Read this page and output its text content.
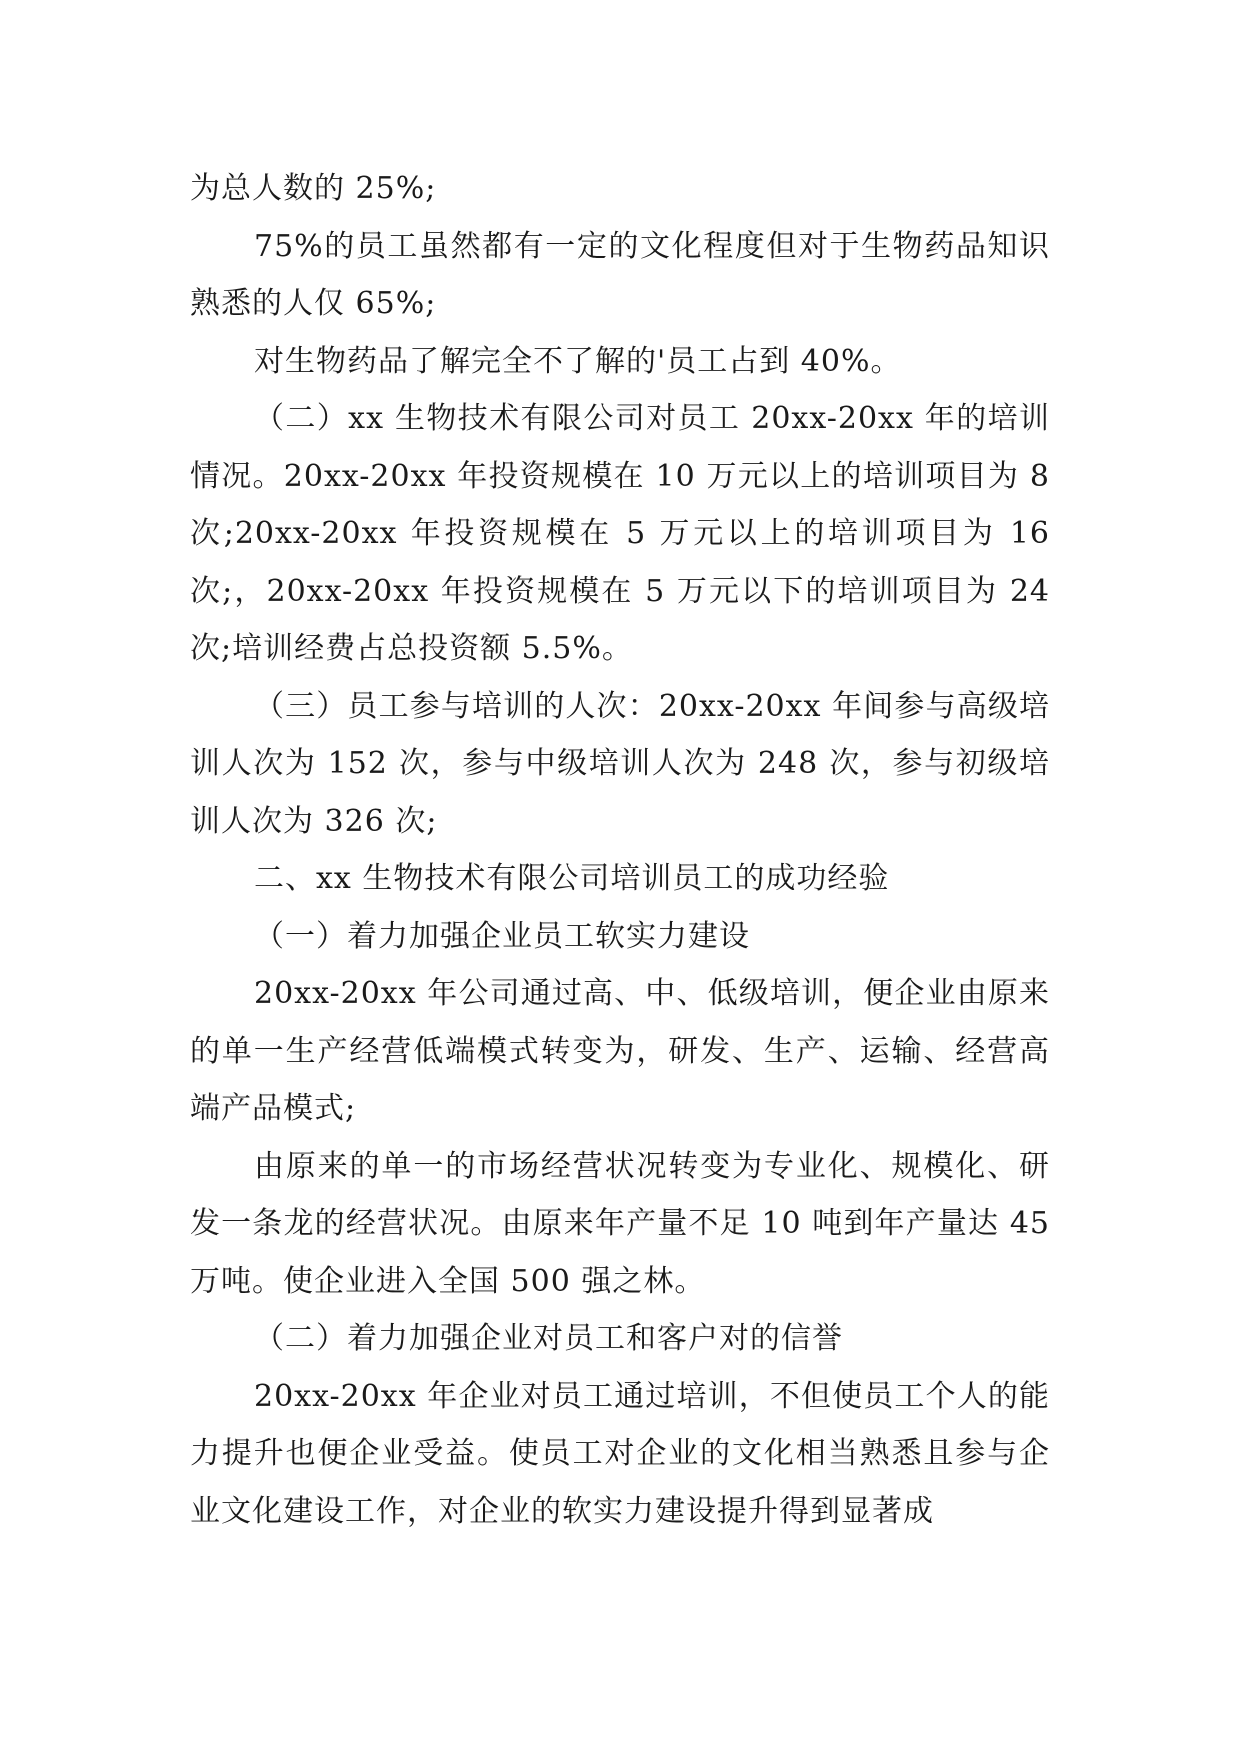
为总人数的 25%;

75%的员工虽然都有一定的文化程度但对于生物药品知识熟悉的人仅 65%;

对生物药品了解完全不了解的'员工占到 40%。

（二）xx 生物技术有限公司对员工 20xx-20xx 年的培训情况。20xx-20xx 年投资规模在 10 万元以上的培训项目为 8 次;20xx-20xx 年投资规模在 5 万元以上的培训项目为 16 次;，20xx-20xx 年投资规模在 5 万元以下的培训项目为 24 次;培训经费占总投资额 5.5%。

（三）员工参与培训的人次：20xx-20xx 年间参与高级培训人次为 152 次，参与中级培训人次为 248 次，参与初级培训人次为 326 次;

二、xx 生物技术有限公司培训员工的成功经验

（一）着力加强企业员工软实力建设

20xx-20xx 年公司通过高、中、低级培训，便企业由原来的单一生产经营低端模式转变为，研发、生产、运输、经营高端产品模式;

由原来的单一的市场经营状况转变为专业化、规模化、研发一条龙的经营状况。由原来年产量不足 10 吨到年产量达 45 万吨。使企业进入全国 500 强之林。

（二）着力加强企业对员工和客户对的信誉

20xx-20xx 年企业对员工通过培训，不但使员工个人的能力提升也便企业受益。使员工对企业的文化相当熟悉且参与企业文化建设工作，对企业的软实力建设提升得到显著成
